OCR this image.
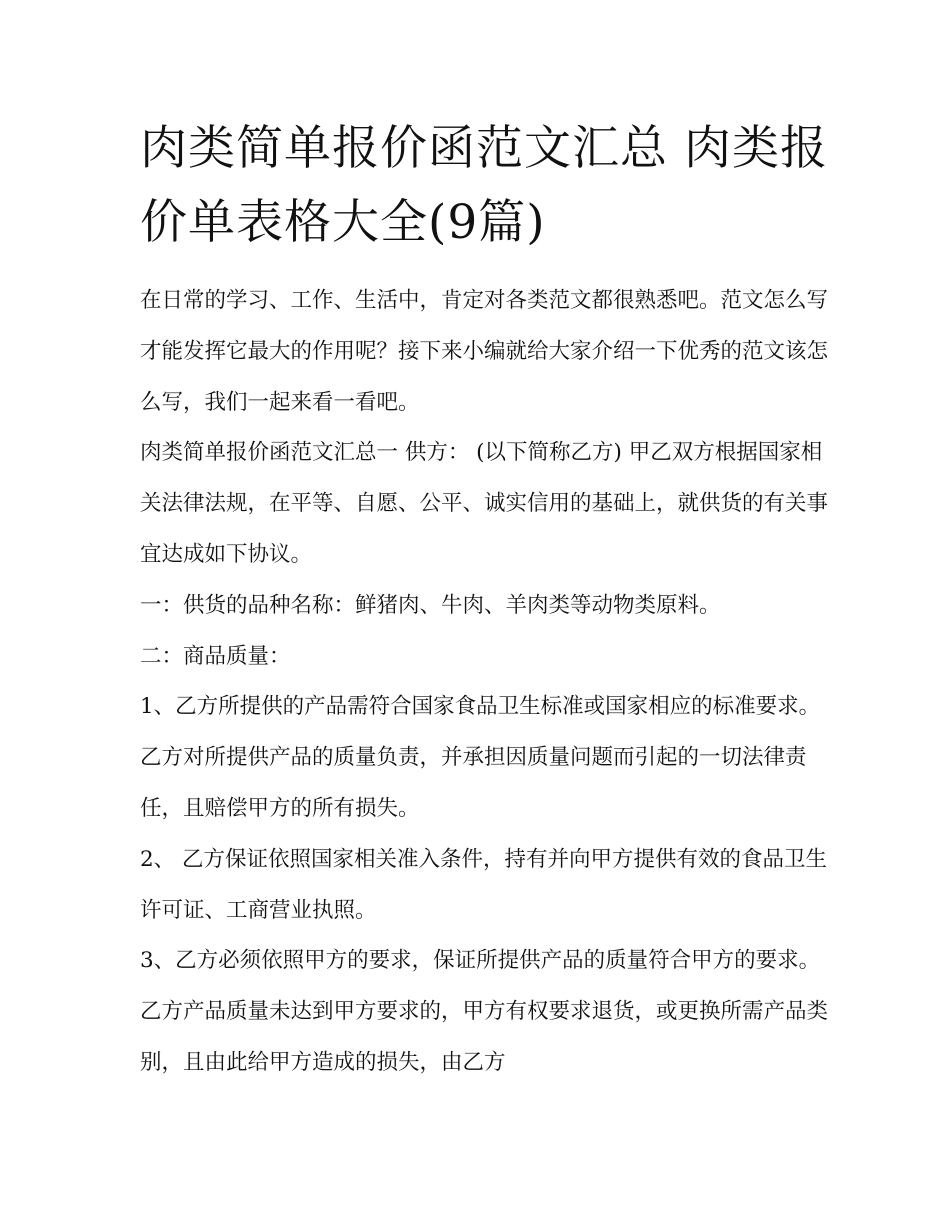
肉类简单报价函范文汇总 肉类报价单表格大全(9篇)

在日常的学习、工作、生活中，肯定对各类范文都很熟悉吧。范文怎么写才能发挥它最大的作用呢？接下来小编就给大家介绍一下优秀的范文该怎么写，我们一起来看一看吧。

肉类简单报价函范文汇总一 供方： (以下简称乙方) 甲乙双方根据国家相关法律法规，在平等、自愿、公平、诚实信用的基础上，就供货的有关事宜达成如下协议。

一：供货的品种名称：鲜猪肉、牛肉、羊肉类等动物类原料。

二：商品质量：

1、乙方所提供的产品需符合国家食品卫生标准或国家相应的标准要求。乙方对所提供产品的质量负责，并承担因质量问题而引起的一切法律责任，且赔偿甲方的所有损失。

2、 乙方保证依照国家相关准入条件，持有并向甲方提供有效的食品卫生许可证、工商营业执照。

3、乙方必须依照甲方的要求，保证所提供产品的质量符合甲方的要求。乙方产品质量未达到甲方要求的，甲方有权要求退货，或更换所需产品类别，且由此给甲方造成的损失，由乙方
